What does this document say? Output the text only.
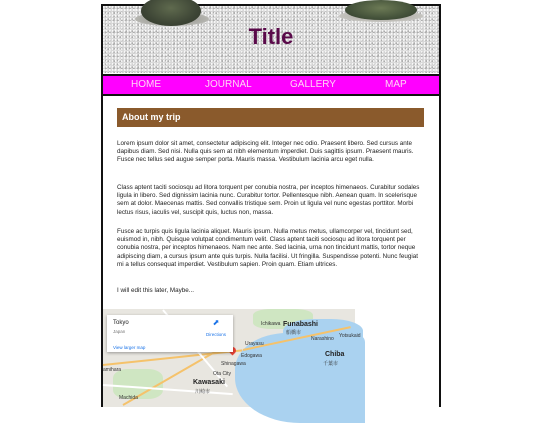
Title
HOME	JOURNAL	GALLERY	MAP
About my trip

Lorem ipsum dolor sit amet, consectetur adipiscing elit. Integer nec odio. Praesent libero. Sed cursus ante dapibus diam. Sed nisi. Nulla quis sem at nibh elementum imperdiet. Duis sagittis ipsum. Praesent mauris. Fusce nec tellus sed augue semper porta. Mauris massa. Vestibulum lacinia arcu eget nulla.

Class aptent taciti sociosqu ad litora torquent per conubia nostra, per inceptos himenaeos. Curabitur sodales ligula in libero. Sed dignissim lacinia nunc. Curabitur tortor. Pellentesque nibh. Aenean quam. In scelerisque sem at dolor. Maecenas mattis. Sed convallis tristique sem. Proin ut ligula vel nunc egestas porttitor. Morbi lectus risus, iaculis vel, suscipit quis, luctus non, massa.

Fusce ac turpis quis ligula lacinia aliquet. Mauris ipsum. Nulla metus metus, ullamcorper vel, tincidunt sed, euismod in, nibh. Quisque volutpat condimentum velit. Class aptent taciti sociosqu ad litora torquent per conubia nostra, per inceptos himenaeos. Nam nec ante. Sed lacinia, urna non tincidunt mattis, tortor neque adipiscing diam, a cursus ipsum ante quis turpis. Nulla facilisi. Ut fringilla. Suspendisse potenti. Nunc feugiat mi a tellus consequat imperdiet. Vestibulum sapien. Proin quam. Etiam ultrices.

I will edit this later, Maybe...

Ichikawa Funabashi
船橋市
Narashino Yotsukaid
Chiba
千葉市
Urayasu
Edogawa
Shinagawa
Ota City
Kawasaki
川崎市
amihara
Machida
Tokyo
Japan
View larger map
⬈
Directions
